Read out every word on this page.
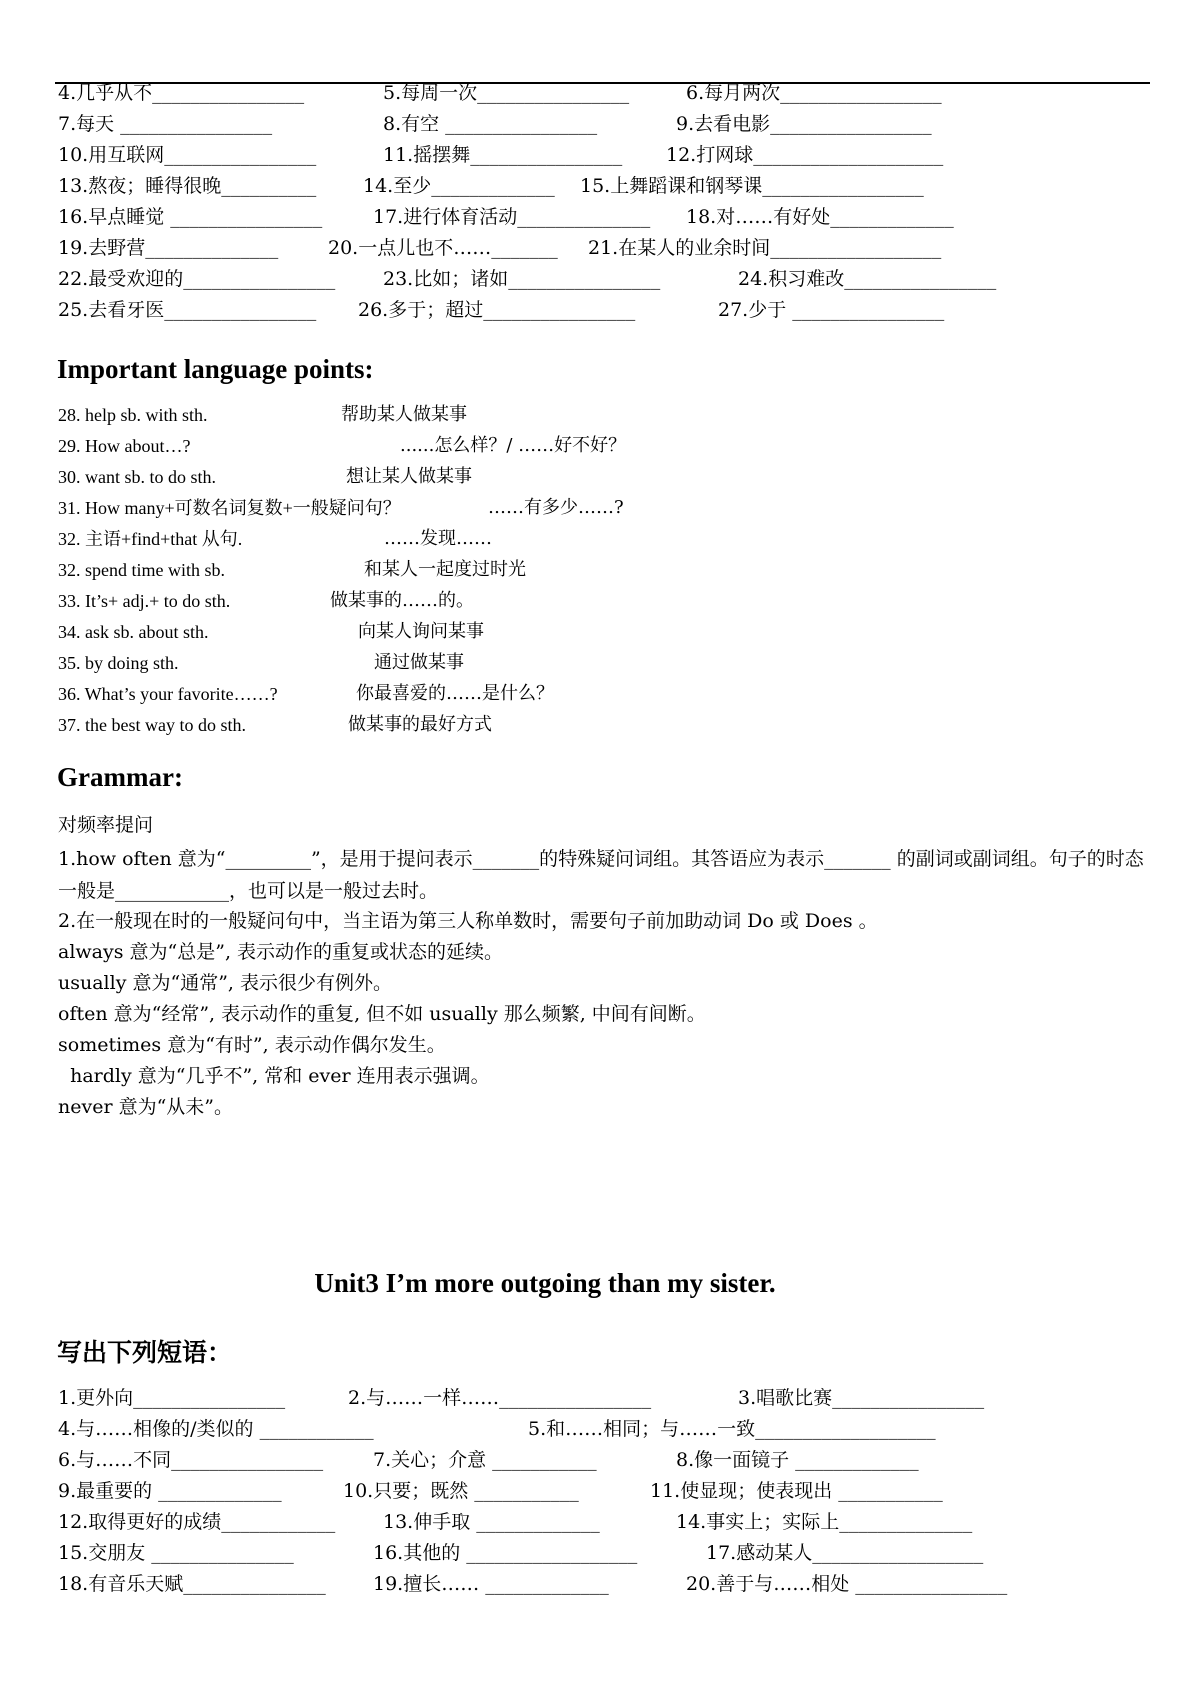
4.几乎从不________________	5.每周一次________________	6.每月两次_________________
7.每天 ________________	8.有空 ________________	9.去看电影_________________
10.用互联网________________	11.摇摆舞________________ 12.打网球____________________
13.熬夜；睡得很晚__________ 14.至少_____________ 15.上舞蹈课和钢琴课_________________
16.早点睡觉 ________________	17.进行体育活动______________ 18.对……有好处_____________
19.去野营______________	20.一点儿也不……_______ 21.在某人的业余时间__________________
22.最受欢迎的________________	23.比如；诸如________________	24.积习难改________________
25.去看牙医________________ 26.多于；超过________________	27.少于 ________________
Important language points:
28. help sb. with sth.	帮助某人做某事
29. How about…?	......怎么样？/ ……好不好？
30. want sb. to do sth.	想让某人做某事
31. How many+可数名词复数+一般疑问句？	……有多少……?
32. 主语+find+that 从句.	……发现……
32. spend time with sb.	和某人一起度过时光
33. It’s+ adj.+ to do sth.	做某事的……的。
34. ask sb. about sth.	向某人询问某事
35. by doing sth.	通过做某事
36. What’s your favorite……?	你最喜爱的……是什么？
37. the best way to do sth.	做某事的最好方式
Grammar:
对频率提问
1.how often 意为“_________”，是用于提问表示_______的特殊疑问词组。其答语应为表示_______ 的副词或副词组。句子的时态一般是____________，也可以是一般过去时。
2.在一般现在时的一般疑问句中，当主语为第三人称单数时，需要句子前加助动词 Do 或 Does 。
always 意为“总是”, 表示动作的重复或状态的延续。
usually 意为“通常”, 表示很少有例外。
often 意为“经常”, 表示动作的重复, 但不如 usually 那么频繁, 中间有间断。
sometimes 意为“有时”, 表示动作偶尔发生。
hardly 意为“几乎不”, 常和 ever 连用表示强调。
never 意为“从未”。
Unit3 I’m more outgoing than my sister.
写出下列短语：
1.更外向________________	2.与……一样……________________	3.唱歌比赛________________
4.与……相像的/类似的 ____________	5.和……相同；与……一致___________________
6.与……不同________________	7.关心；介意 ___________	8.像一面镜子 _____________
9.最重要的 _____________	10.只要；既然 ___________	11.使显现；使表现出 ___________
12.取得更好的成绩____________	13.伸手取 _____________	14.事实上；实际上______________
15.交朋友 _______________	16.其他的 __________________	17.感动某人__________________
18.有音乐天赋_______________ 19.擅长…… _____________	20.善于与……相处 ________________
